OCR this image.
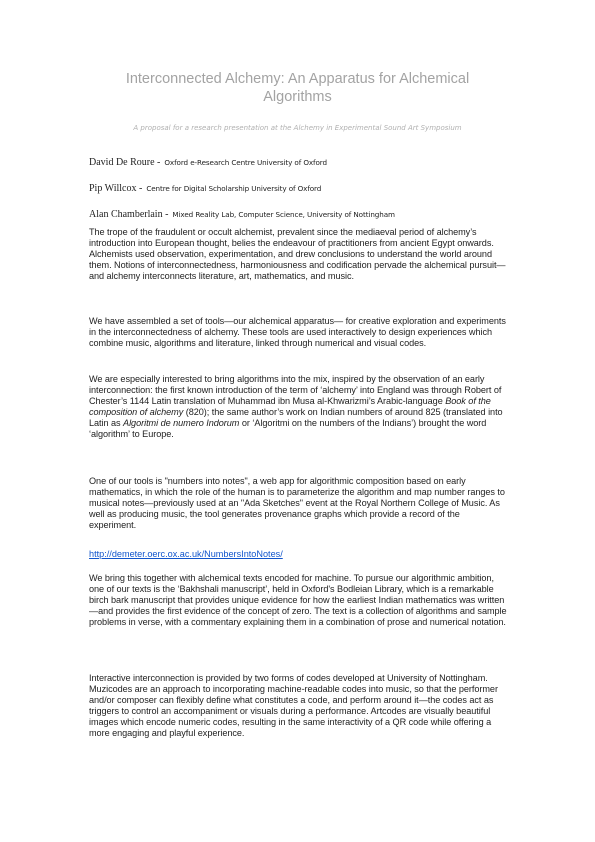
Interconnected Alchemy: An Apparatus for Alchemical Algorithms
A proposal for a research presentation at the Alchemy in Experimental Sound Art Symposium
David De Roure - Oxford e-Research Centre University of Oxford
Pip Willcox - Centre for Digital Scholarship University of Oxford
Alan Chamberlain - Mixed Reality Lab, Computer Science, University of Nottingham

The trope of the fraudulent or occult alchemist, prevalent since the mediaeval period of alchemy’s introduction into European thought, belies the endeavour of practitioners from ancient Egypt onwards. Alchemists used observation, experimentation, and drew conclusions to understand the world around them. Notions of interconnectedness, harmoniousness and codification pervade the alchemical pursuit—and alchemy interconnects literature, art, mathematics, and music.

We have assembled a set of tools—our alchemical apparatus— for creative exploration and experiments in the interconnectedness of alchemy. These tools are used interactively to design experiences which combine music, algorithms and literature, linked through numerical and visual codes.

We are especially interested to bring algorithms into the mix, inspired by the observation of an early interconnection: the first known introduction of the term of ‘alchemy’ into England was through Robert of Chester’s 1144 Latin translation of Muhammad ibn Musa al-Khwarizmi’s Arabic-language Book of the composition of alchemy (820); the same author’s work on Indian numbers of around 825 (translated into Latin as Algoritmi de numero Indorum or ‘Algoritmi on the numbers of the Indians’) brought the word ‘algorithm’ to Europe.

One of our tools is "numbers into notes", a web app for algorithmic composition based on early mathematics, in which the role of the human is to parameterize the algorithm and map number ranges to musical notes—previously used at an "Ada Sketches" event at the Royal Northern College of Music. As well as producing music, the tool generates provenance graphs which provide a record of the experiment.

http://demeter.oerc.ox.ac.uk/NumbersIntoNotes/

We bring this together with alchemical texts encoded for machine. To pursue our algorithmic ambition, one of our texts is the ‘Bakhshali manuscript’, held in Oxford's Bodleian Library, which is a remarkable birch bark manuscript that provides unique evidence for how the earliest Indian mathematics was written—and provides the first evidence of the concept of zero. The text is a collection of algorithms and sample problems in verse, with a commentary explaining them in a combination of prose and numerical notation.

Interactive interconnection is provided by two forms of codes developed at University of Nottingham. Muzicodes are an approach to incorporating machine-readable codes into music, so that the performer and/or composer can flexibly define what constitutes a code, and perform around it—the codes act as triggers to control an accompaniment or visuals during a performance. Artcodes are visually beautiful images which encode numeric codes, resulting in the same interactivity of a QR code while offering a more engaging and playful experience.
